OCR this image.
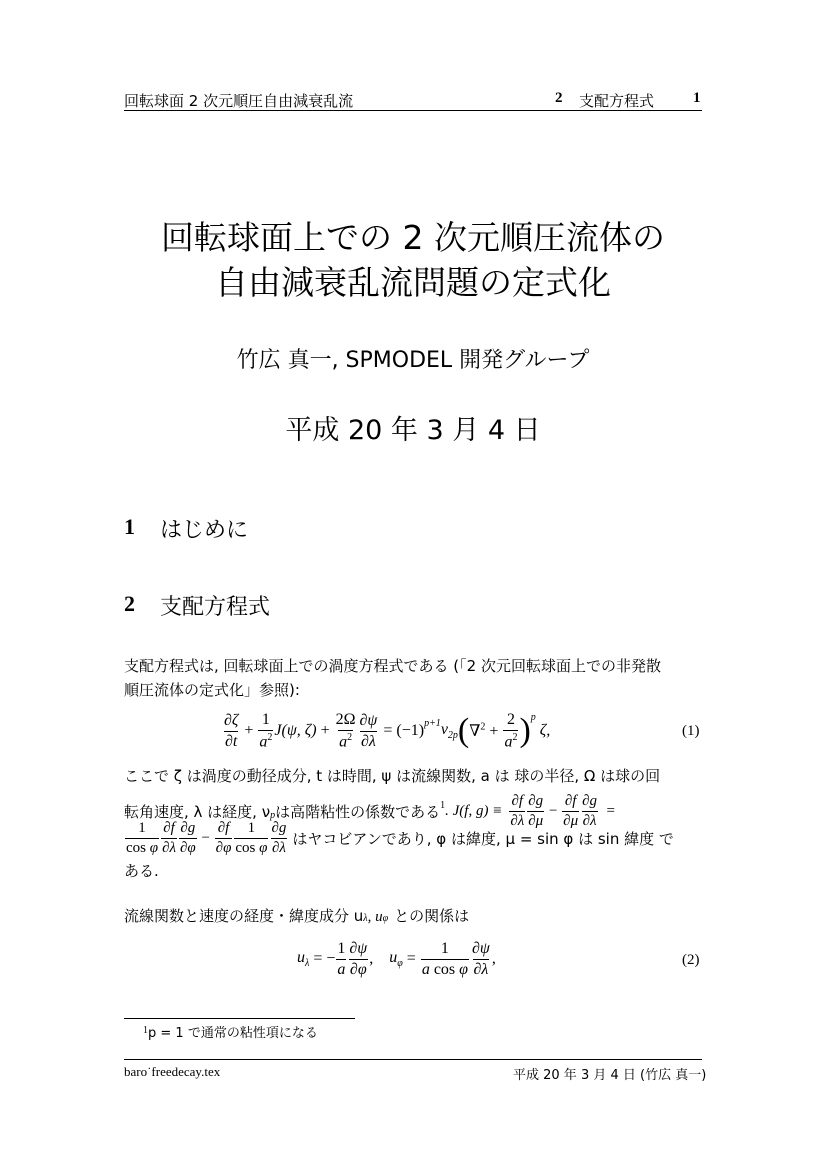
回転球面 2 次元順圧自由減衰乱流	2 支配方程式	1
回転球面上での 2 次元順圧流体の
自由減衰乱流問題の定式化
竹広 真一, SPMODEL 開発グループ
平成 20 年 3 月 4 日
1 はじめに
2 支配方程式
支配方程式は, 回転球面上での渦度方程式である (「2 次元回転球面上での非発散
順圧流体の定式化」参照):
$\frac{\partial\zeta}{\partial t} + \frac{1}{a^2} J(\psi$, $\zeta) + \frac{2\Omega}{a^2} \frac{\partial\psi}{\partial\lambda} = (-1)^{p+1}$ $\nu_{2p}$ ( $\nabla^2 + \frac{2}{a^2} )^p$
ζ,	(1)
ここで ζ は渦度の動径成分, t は時間, ψ は流線関数, a は 球の半径, Ω は球の回
転角速度, λ は経度, $\nu_p$ は高階粘性の係数である$^1$ . J(f, $g) \equiv \frac{\partial f}{\partial\lambda} \frac{\partial g}{\partial\mu} - \frac{\partial f}{\partial\mu} \frac{\partial g}{\partial\lambda}$ =
$\frac{1}{\text{cos φ}} \frac{\partial f}{\partial\lambda} \frac{\partial g}{\partial\varphi} - \frac{\partial f}{\partial\varphi} \frac{1}{\text{cos φ}} \frac{\partial g}{\partial\lambda}$ はヤコビアンであり, φ は緯度, μ = sin φ は sin 緯度 で
ある.
流線関数と速度の経度・緯度成分 $u_\lambda$ , u φ との関係は
$u_\lambda$ = − $\frac{1}{a} \frac{\partial\psi}{\partial\varphi}$ , $u_\varphi = \frac{1}{\text{a cos φ}} \frac{\partial\psi}{\partial\lambda}$ ,	(2)
$^1$ p = 1 で通常の粘性項になる
baro˙freedecay.tex	平成 20 年 3 月 4 日 (竹広 真一)
